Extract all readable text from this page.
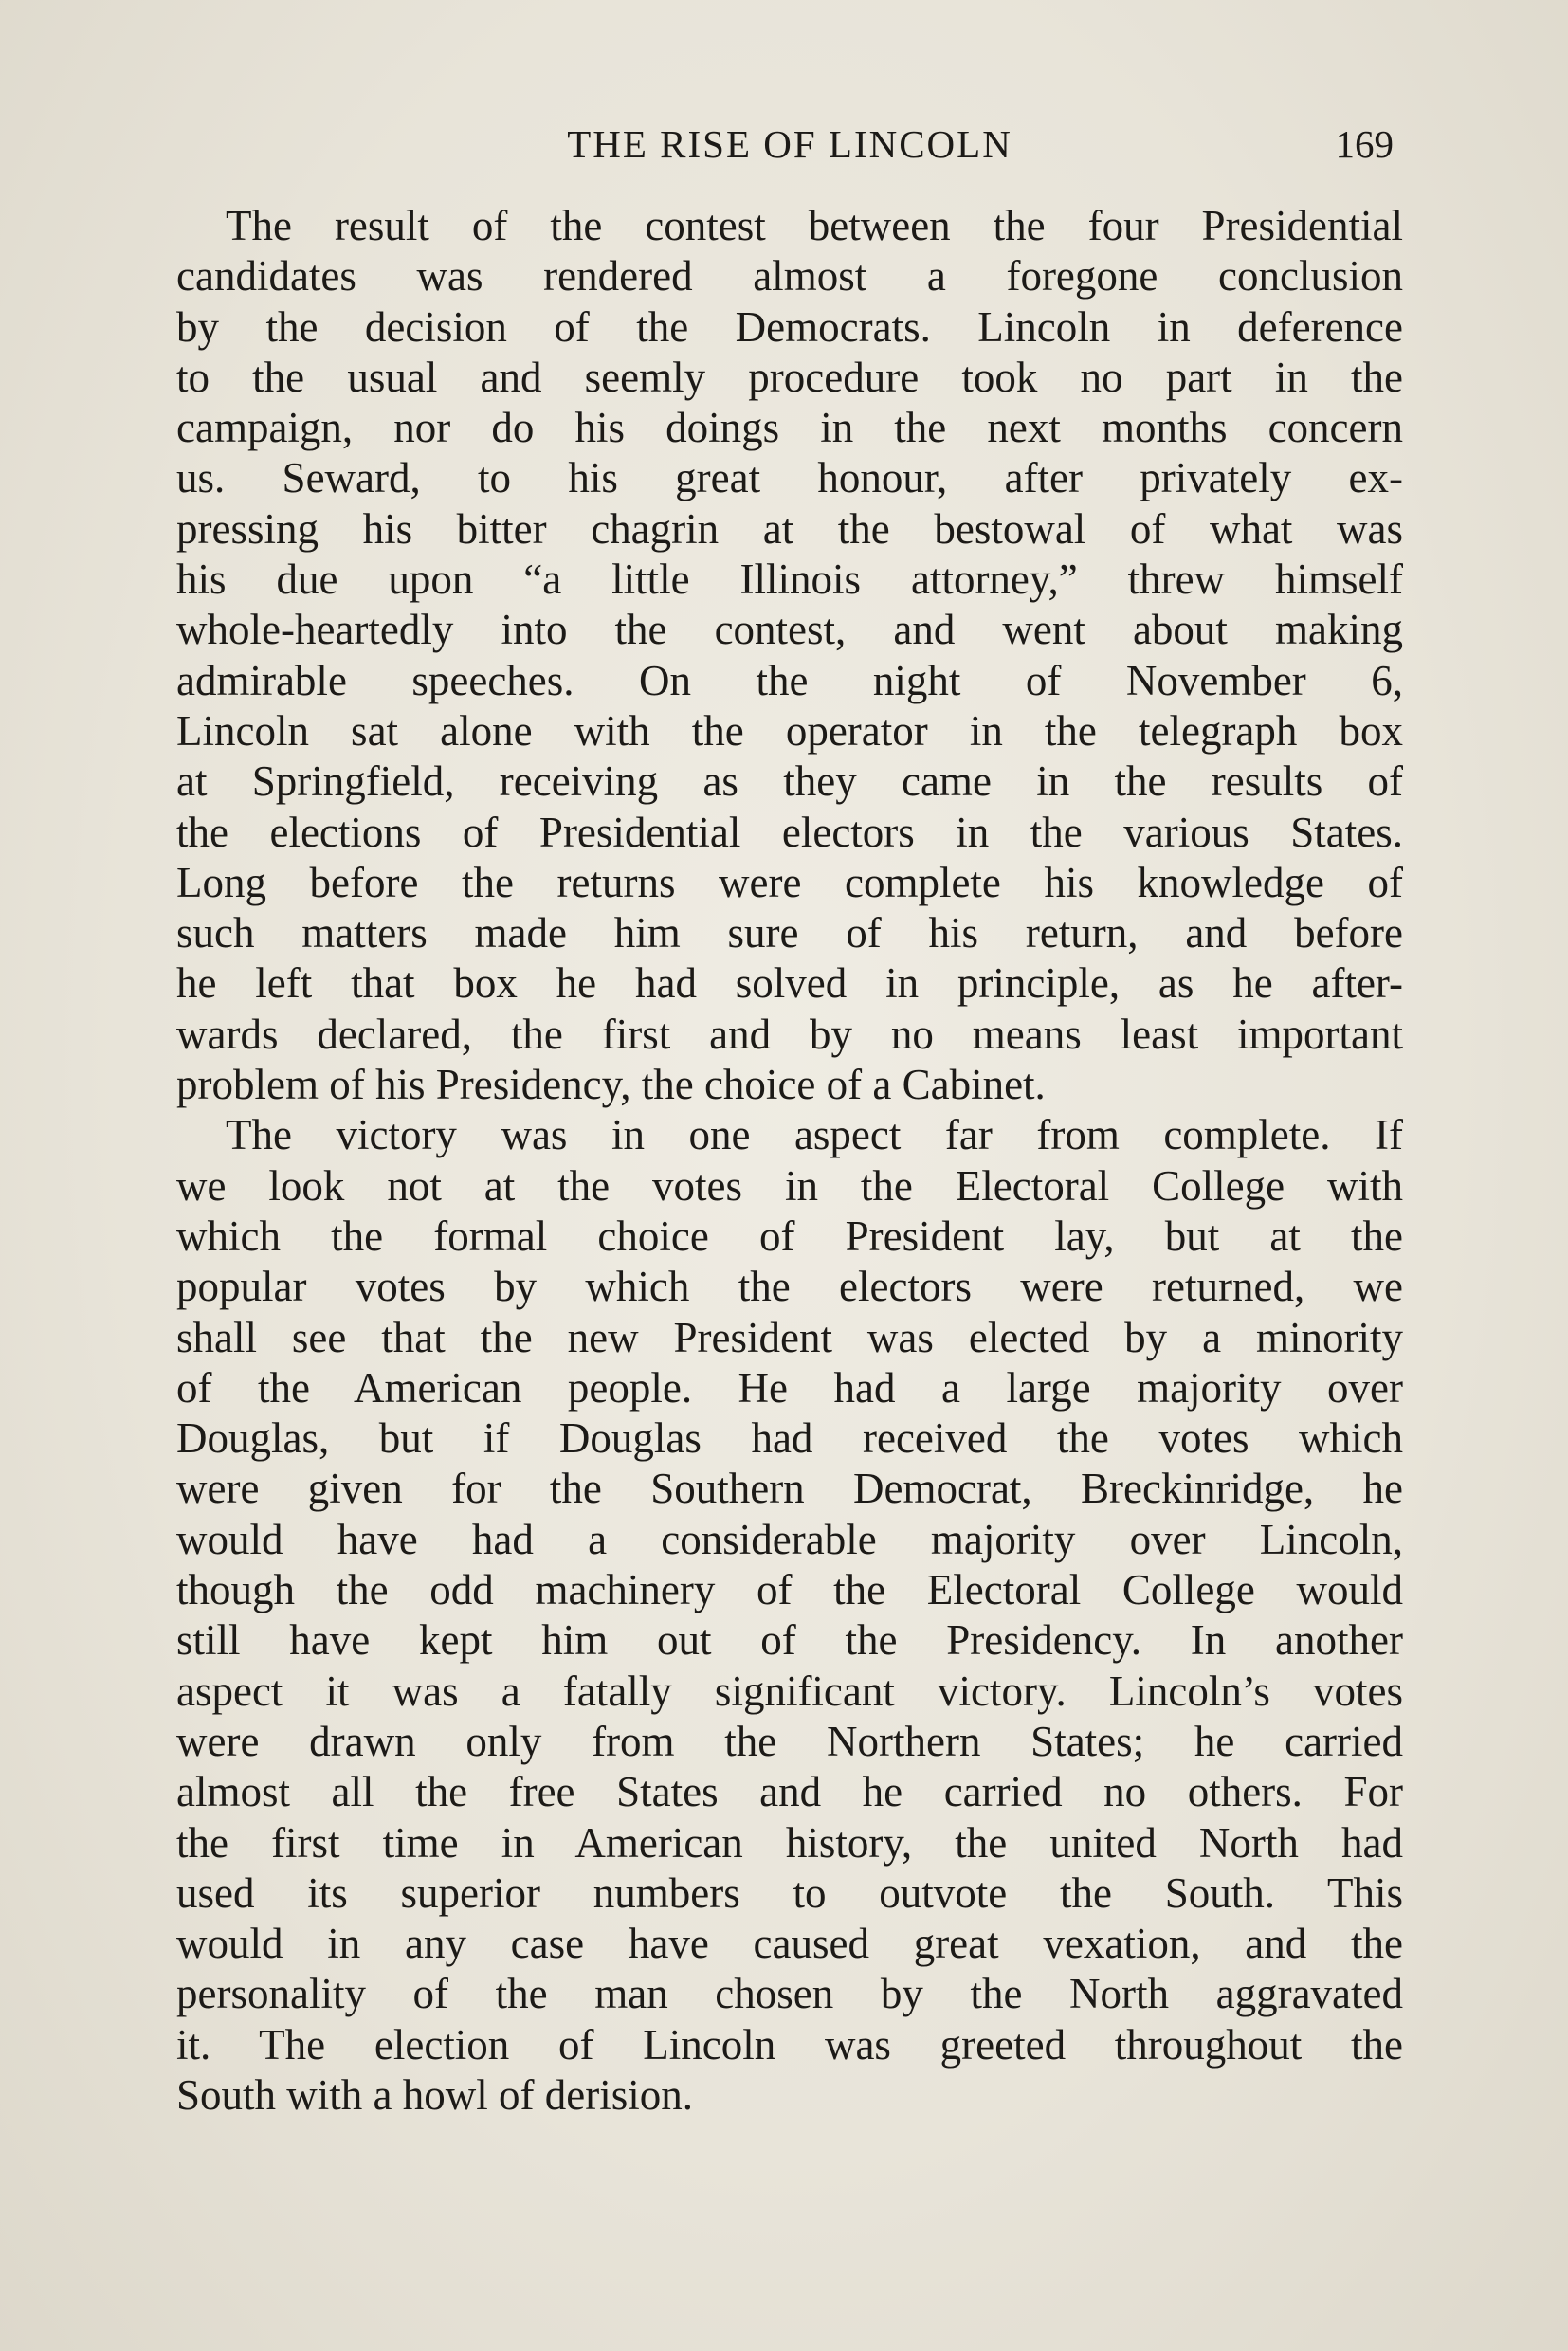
THE RISE OF LINCOLN	169

The result of the contest between the four Presidential
candidates was rendered almost a foregone conclusion
by the decision of the Democrats. Lincoln in deference
to the usual and seemly procedure took no part in the
campaign, nor do his doings in the next months concern
us. Seward, to his great honour, after privately ex-
pressing his bitter chagrin at the bestowal of what was
his due upon “a little Illinois attorney,” threw himself
whole-heartedly into the contest, and went about making
admirable speeches. On the night of November 6,
Lincoln sat alone with the operator in the telegraph box
at Springfield, receiving as they came in the results of
the elections of Presidential electors in the various States.
Long before the returns were complete his knowledge of
such matters made him sure of his return, and before
he left that box he had solved in principle, as he after-
wards declared, the first and by no means least important
problem of his Presidency, the choice of a Cabinet.

The victory was in one aspect far from complete. If
we look not at the votes in the Electoral College with
which the formal choice of President lay, but at the
popular votes by which the electors were returned, we
shall see that the new President was elected by a minority
of the American people. He had a large majority over
Douglas, but if Douglas had received the votes which
were given for the Southern Democrat, Breckinridge, he
would have had a considerable majority over Lincoln,
though the odd machinery of the Electoral College would
still have kept him out of the Presidency. In another
aspect it was a fatally significant victory. Lincoln’s votes
were drawn only from the Northern States; he carried
almost all the free States and he carried no others. For
the first time in American history, the united North had
used its superior numbers to outvote the South. This
would in any case have caused great vexation, and the
personality of the man chosen by the North aggravated
it. The election of Lincoln was greeted throughout the
South with a howl of derision.
